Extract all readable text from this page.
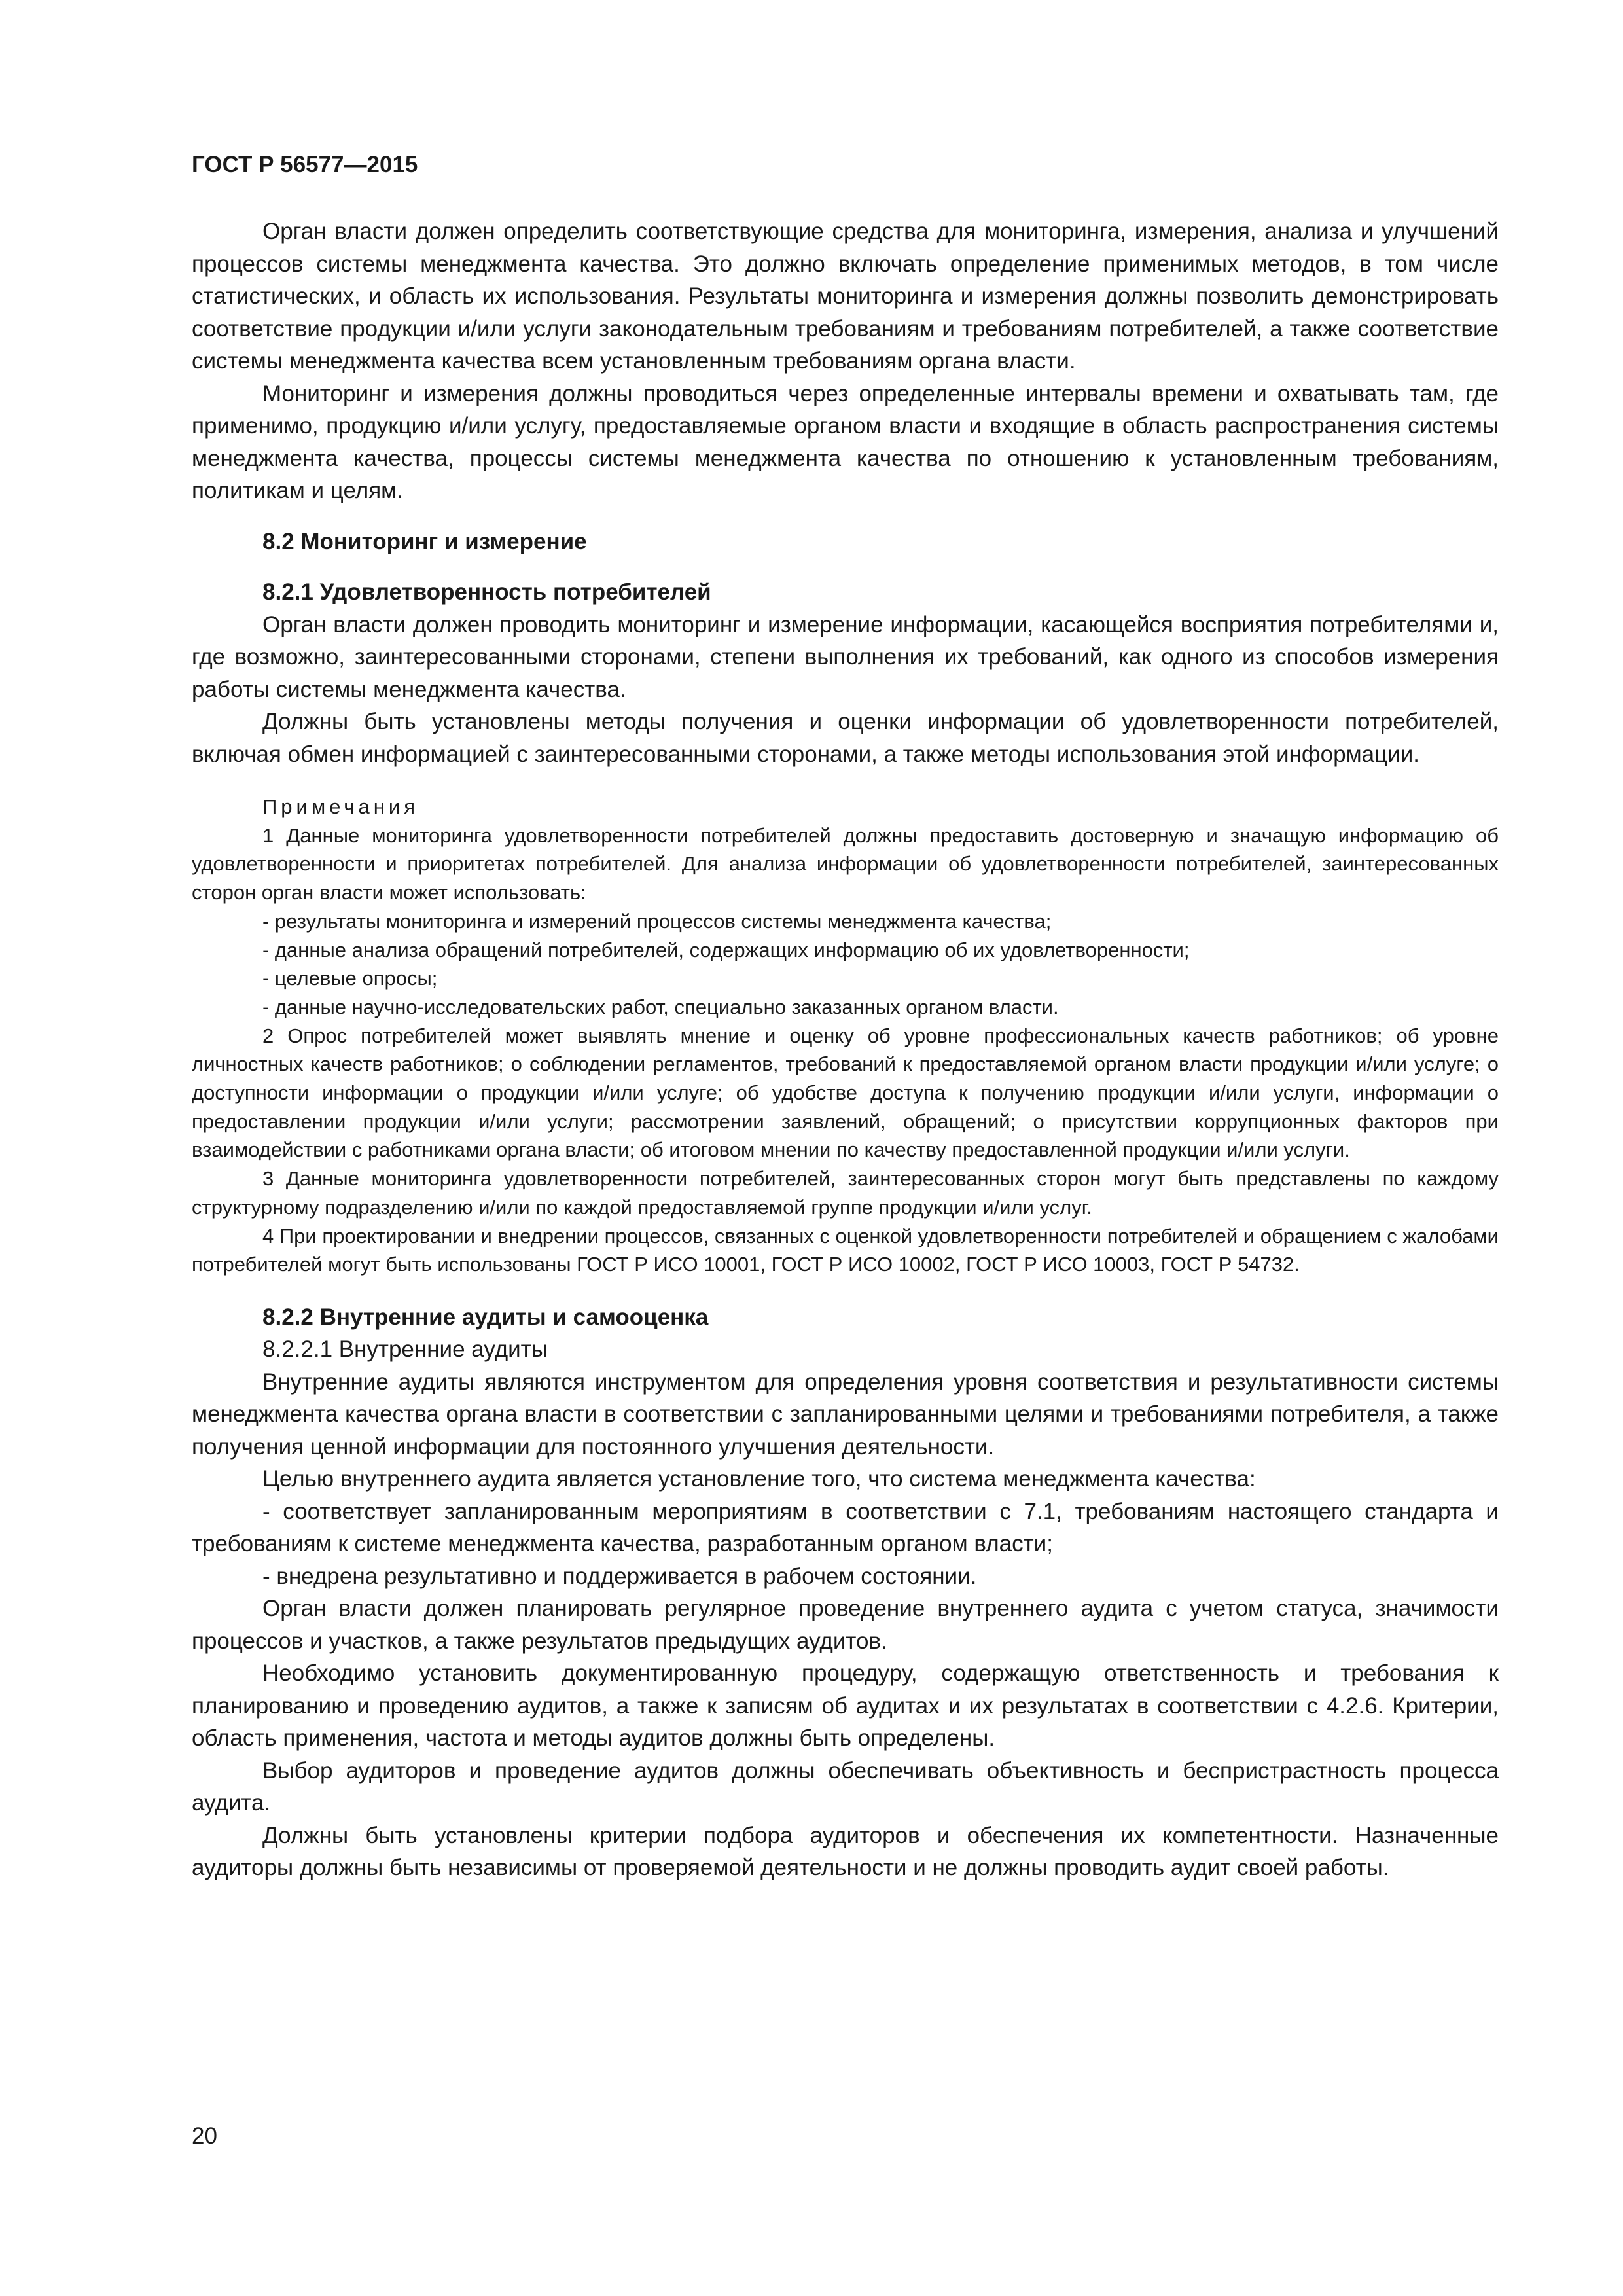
ГОСТ Р 56577—2015

Орган власти должен определить соответствующие средства для мониторинга, измерения, анализа и улучшений процессов системы менеджмента качества. Это должно включать определение применимых методов, в том числе статистических, и область их использования. Результаты мониторинга и измерения должны позволить демонстрировать соответствие продукции и/или услуги законодательным требованиям и требованиям потребителей, а также соответствие системы менеджмента качества всем установленным требованиям органа власти.

Мониторинг и измерения должны проводиться через определенные интервалы времени и охватывать там, где применимо, продукцию и/или услугу, предоставляемые органом власти и входящие в область распространения системы менеджмента качества, процессы системы менеджмента качества по отношению к установленным требованиям, политикам и целям.

8.2 Мониторинг и измерение

8.2.1 Удовлетворенность потребителей

Орган власти должен проводить мониторинг и измерение информации, касающейся восприятия потребителями и, где возможно, заинтересованными сторонами, степени выполнения их требований, как одного из способов измерения работы системы менеджмента качества.

Должны быть установлены методы получения и оценки информации об удовлетворенности потребителей, включая обмен информацией с заинтересованными сторонами, а также методы использования этой информации.

Примечания

1 Данные мониторинга удовлетворенности потребителей должны предоставить достоверную и значащую информацию об удовлетворенности и приоритетах потребителей. Для анализа информации об удовлетворенности потребителей, заинтересованных сторон орган власти может использовать:

- результаты мониторинга и измерений процессов системы менеджмента качества;

- данные анализа обращений потребителей, содержащих информацию об их удовлетворенности;

- целевые опросы;

- данные научно-исследовательских работ, специально заказанных органом власти.

2 Опрос потребителей может выявлять мнение и оценку об уровне профессиональных качеств работников; об уровне личностных качеств работников; о соблюдении регламентов, требований к предоставляемой органом власти продукции и/или услуге; о доступности информации о продукции и/или услуге; об удобстве доступа к получению продукции и/или услуги, информации о предоставлении продукции и/или услуги; рассмотрении заявлений, обращений; о присутствии коррупционных факторов при взаимодействии с работниками органа власти; об итоговом мнении по качеству предоставленной продукции и/или услуги.

3 Данные мониторинга удовлетворенности потребителей, заинтересованных сторон могут быть представлены по каждому структурному подразделению и/или по каждой предоставляемой группе продукции и/или услуг.

4 При проектировании и внедрении процессов, связанных с оценкой удовлетворенности потребителей и обращением с жалобами потребителей могут быть использованы ГОСТ Р ИСО 10001, ГОСТ Р ИСО 10002, ГОСТ Р ИСО 10003, ГОСТ Р 54732.

8.2.2 Внутренние аудиты и самооценка

8.2.2.1 Внутренние аудиты

Внутренние аудиты являются инструментом для определения уровня соответствия и результативности системы менеджмента качества органа власти в соответствии с запланированными целями и требованиями потребителя, а также получения ценной информации для постоянного улучшения деятельности.

Целью внутреннего аудита является установление того, что система менеджмента качества:

- соответствует запланированным мероприятиям в соответствии с 7.1, требованиям настоящего стандарта и требованиям к системе менеджмента качества, разработанным органом власти;

- внедрена результативно и поддерживается в рабочем состоянии.

Орган власти должен планировать регулярное проведение внутреннего аудита с учетом статуса, значимости процессов и участков, а также результатов предыдущих аудитов.

Необходимо установить документированную процедуру, содержащую ответственность и требования к планированию и проведению аудитов, а также к записям об аудитах и их результатах в соответствии с 4.2.6. Критерии, область применения, частота и методы аудитов должны быть определены.

Выбор аудиторов и проведение аудитов должны обеспечивать объективность и беспристрастность процесса аудита.

Должны быть установлены критерии подбора аудиторов и обеспечения их компетентности. Назначенные аудиторы должны быть независимы от проверяемой деятельности и не должны проводить аудит своей работы.

20
